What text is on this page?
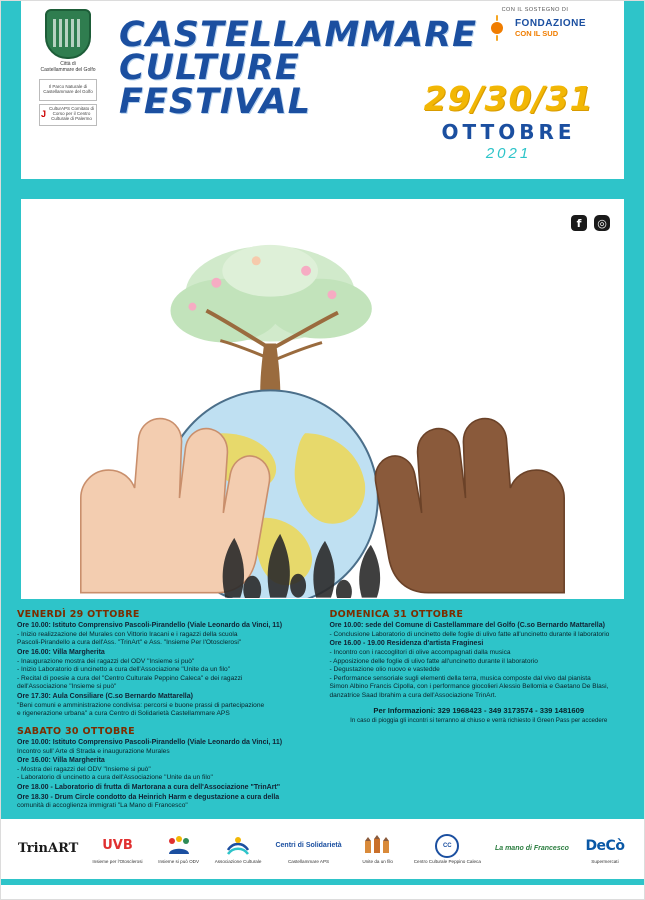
Città di
Castellammare del Golfo
Il Parco Naturale di Castellammare del Golfo
J CulturAPS Comitato di Corso per il Centro Culturale di Palermo
CASTELLAMMARE
CULTURE
FESTIVAL
CON IL SOSTEGNO DI
FONDAZIONE
CON IL SUD
29/30/31
OTTOBRE
2021
f	◎
VENERDÌ 29 OTTOBRE
Ore 10.00: Istituto Comprensivo Pascoli-Pirandello (Viale Leonardo da Vinci, 11)
- Inizio realizzazione del Murales con Vittorio Iracani e i ragazzi della scuola
Pascoli-Pirandello a cura dell'Ass. "TrinArt" e Ass. "Insieme Per l'Otosclerosi"
Ore 16.00: Villa Margherita
- Inaugurazione mostra dei ragazzi del ODV "Insieme si può"
- Inizio Laboratorio di uncinetto a cura dell'Associazione "Unite da un filo"
- Recital di poesie a cura del "Centro Culturale Peppino Caleca" e dei ragazzi
dell'Associazione "Insieme si può"
Ore 17.30: Aula Consiliare (C.so Bernardo Mattarella)
"Beni comuni e amministrazione condivisa: percorsi e buone prassi di partecipazione
e rigenerazione urbana" a cura Centro di Solidarietà Castellammare APS
SABATO 30 OTTOBRE
Ore 10.00: Istituto Comprensivo Pascoli-Pirandello (Viale Leonardo da Vinci, 11)
Incontro sull' Arte di Strada e inaugurazione Murales
Ore 16.00: Villa Margherita
- Mostra dei ragazzi del ODV "Insieme si può"
- Laboratorio di uncinetto a cura dell'Associazione "Unite da un filo"
Ore 18.00 - Laboratorio di frutta di Martorana a cura dell'Associazione "TrinArt"
Ore 18.30 - Drum Circle condotto da Heinrich Harm e degustazione a cura della
comunità di accoglienza immigrati "La Mano di Francesco"
DOMENICA 31 OTTOBRE
Ore 10.00: sede del Comune di Castellammare del Golfo (C.so Bernardo Mattarella)
- Conclusione Laboratorio di uncinetto delle foglie di ulivo fatte all'uncinetto durante il laboratorio
Ore 16.00 - 19.00 Residenza d'artista Fraginesi
- Incontro con i raccoglitori di olive accompagnati dalla musica
- Apposizione delle foglie di ulivo fatte all'uncinetto durante il laboratorio
- Degustazione olio nuovo e vastedde
- Performance sensoriale sugli elementi della terra, musica composte dal vivo dal pianista
Simon Albino Francis Cipolla, con i performance giocolieri Alessio Bellomia e Gaetano De Blasi,
danzatrice Saad Ibrahim a cura dell'Associazione TrinArt.
Per Informazioni: 329 1968423 - 349 3173574 - 339 1481609
In caso di pioggia gli incontri si terranno al chiuso e verrà richiesto il Green Pass per accedere
TrinART UVB
Insieme per l'Otosclerosi	Insieme si può ODV	Associazione Culturale
Centri di Solidarietà
Castellammare APS	Unite da un filo
CC
Centro Culturale Peppino Caleca
La mano di Francesco DeCò
Supermercati
